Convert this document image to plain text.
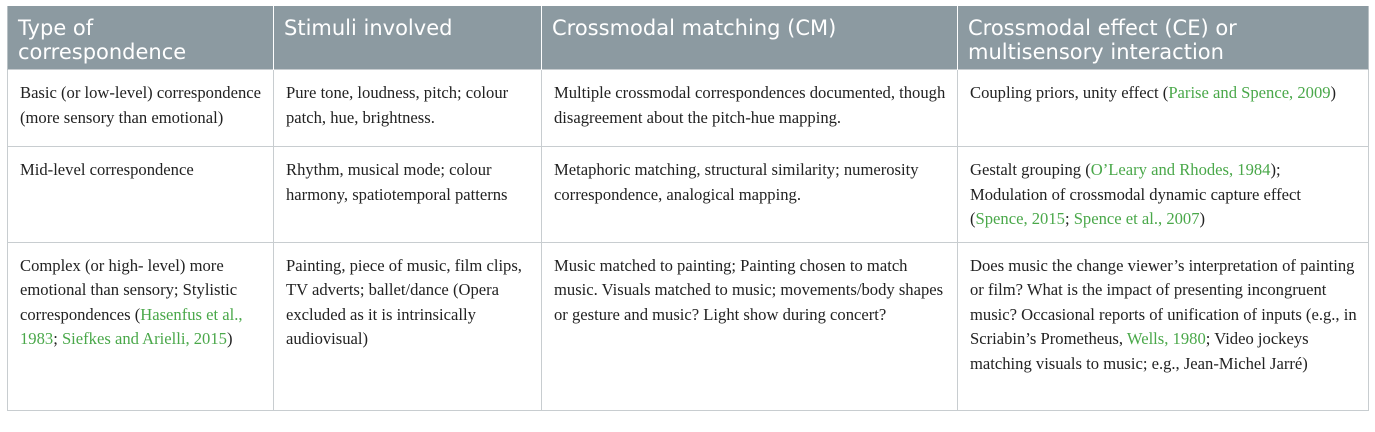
Type of correspondence	Stimuli involved	Crossmodal matching (CM)	Crossmodal effect (CE) or multisensory interaction
Basic (or low-level) correspondence (more sensory than emotional)	Pure tone, loudness, pitch; colour patch, hue, brightness.	Multiple crossmodal correspondences documented, though disagreement about the pitch-hue mapping.	Coupling priors, unity effect (Parise and Spence, 2009)
Mid-level correspondence	Rhythm, musical mode; colour harmony, spatiotemporal patterns	Metaphoric matching, structural similarity; numerosity correspondence, analogical mapping.	Gestalt grouping (O’Leary and Rhodes, 1984); Modulation of crossmodal dynamic capture effect (Spence, 2015; Spence et al., 2007)
Complex (or high- level) more emotional than sensory; Stylistic correspondences (Hasenfus et al., 1983; Siefkes and Arielli, 2015)	Painting, piece of music, film clips, TV adverts; ballet/dance (Opera excluded as it is intrinsically audiovisual)	Music matched to painting; Painting chosen to match music. Visuals matched to music; movements/body shapes or gesture and music? Light show during concert?	Does music the change viewer’s interpretation of painting or film? What is the impact of presenting incongruent music? Occasional reports of unification of inputs (e.g., in Scriabin’s Prometheus, Wells, 1980; Video jockeys matching visuals to music; e.g., Jean-Michel Jarré)
